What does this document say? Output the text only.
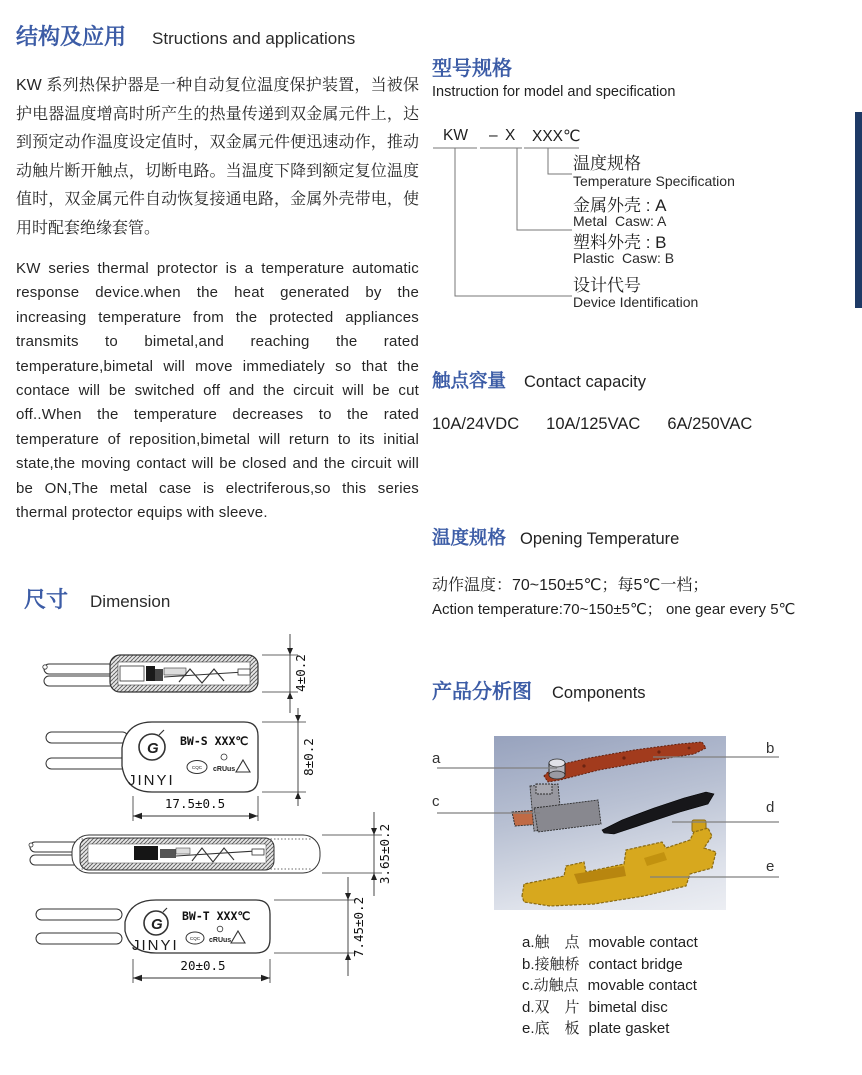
结构及应用 Structions and applications
KW 系列热保护器是一种自动复位温度保护装置，当被保护电器温度增高时所产生的热量传递到双金属元件上，达到预定动作温度设定值时，双金属元件便迅速动作，推动动触片断开触点，切断电路。当温度下降到额定复位温度值时，双金属元件自动恢复接通电路，金属外壳带电，使用时配套绝缘套管。
KW series thermal protector is a temperature automatic response device.when the heat generated by the increasing temperature from the protected appliances transmits to bimetal,and reaching the rated temperature,bimetal will move immediately so that the contace will be switched off and the circuit will be cut off..When the temperature decreases to the rated temperature of reposition,bimetal will return to its initial state,the moving contact will be closed and the circuit will be ON,The metal case is electriferous,so this series thermal protector equips with sleeve.
尺寸 Dimension
4±0.2
G
JINYI
BW-S XXX℃
CQC cRUus	8±0.2
17.5±0.5
3.65±0.2
G
JINYI
BW-T XXX℃
CQC cRUus	7.45±0.2
20±0.5
型号规格
Instruction for model and specification
KW – X XXX℃
温度规格
Temperature Specification
金属外壳 : A
Metal  Casw: A
塑料外壳 : B
Plastic  Casw: B
设计代号
Device Identification
触点容量 Contact capacity
10A/24VDC 10A/125VAC 6A/250VAC
温度规格 Opening Temperature
动作温度：70~150±5℃；每5℃一档；
Action temperature:70~150±5℃； one gear every 5℃
产品分析图 Components
a
b
c	d
e
a.触　点 movable contact
b.接触桥 contact bridge
c.动触点 movable contact
d.双　片 bimetal disc
e.底　板 plate gasket
